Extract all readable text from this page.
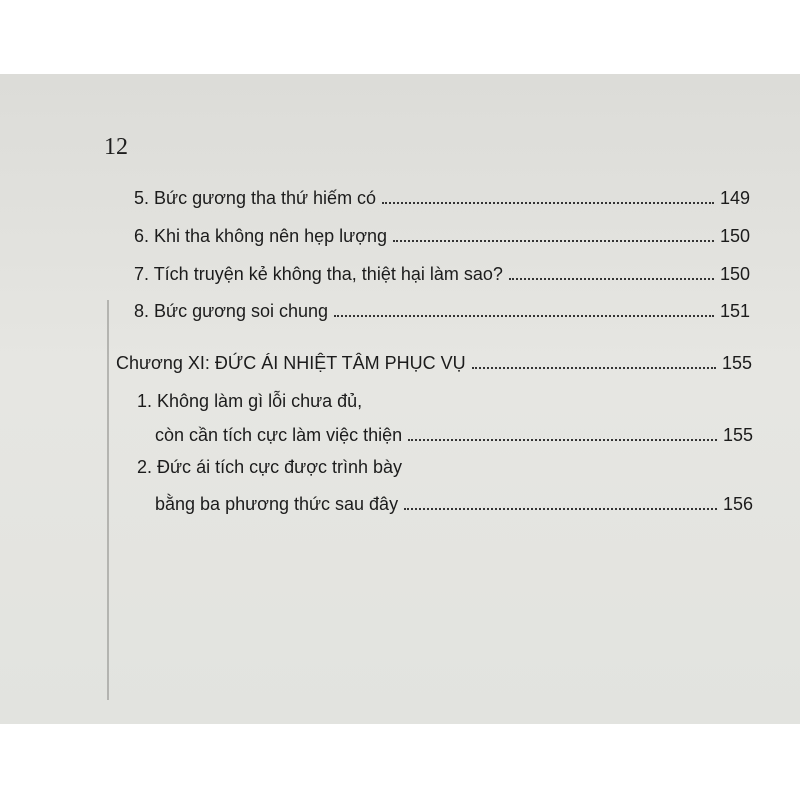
12
5. Bức gương tha thứ hiếm có	149
6. Khi tha không nên hẹp lượng	150
7. Tích truyện kẻ không tha, thiệt hại làm sao?	150
8. Bức gương soi chung	151
Chương XI: ĐỨC ÁI NHIỆT TÂM PHỤC VỤ	155
1. Không làm gì lỗi chưa đủ,
còn cần tích cực làm việc thiện	155
2. Đức ái tích cực được trình bày
bằng ba phương thức sau đây	156
